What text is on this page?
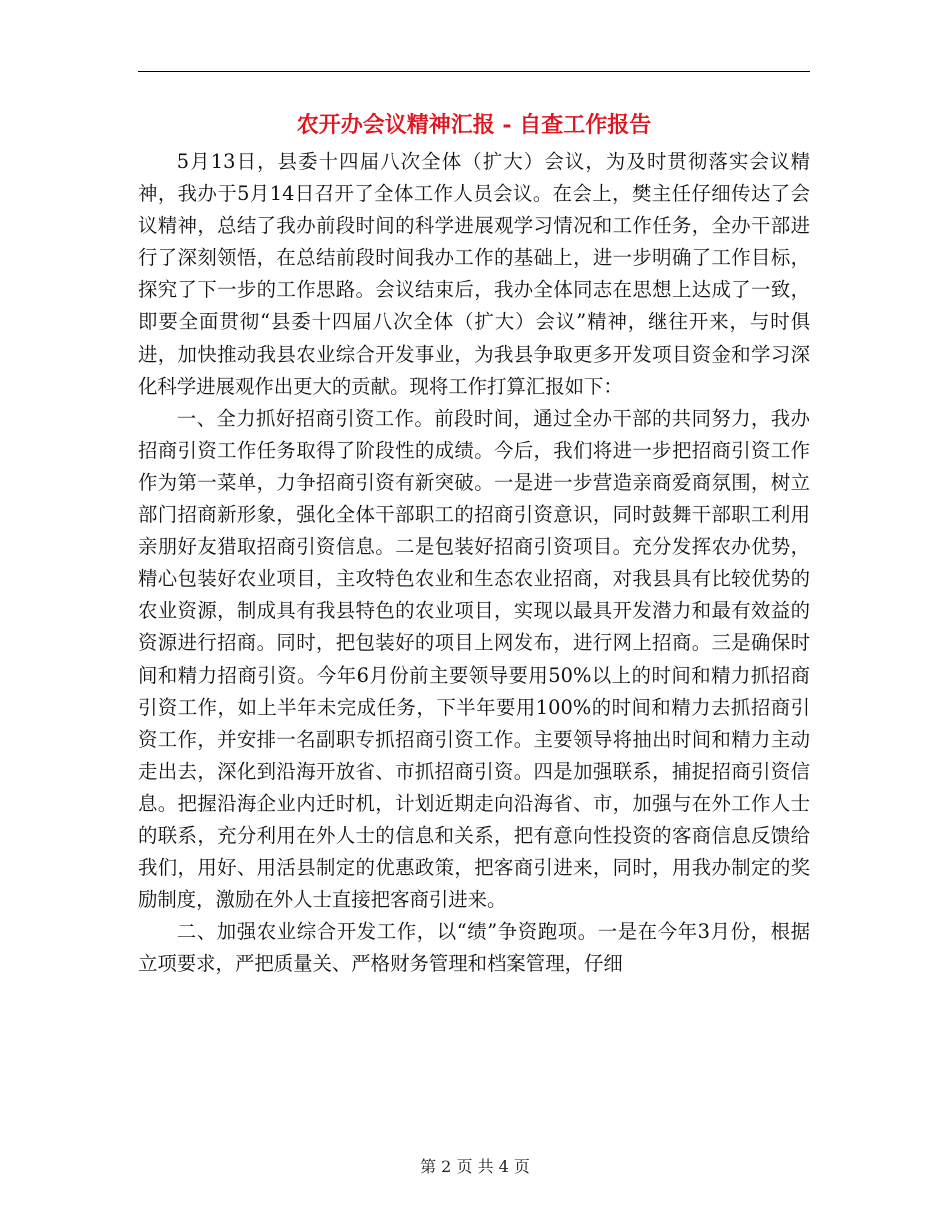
农开办会议精神汇报 - 自查工作报告

5月13日，县委十四届八次全体（扩大）会议，为及时贯彻落实会议精神，我办于5月14日召开了全体工作人员会议。在会上，樊主任仔细传达了会议精神，总结了我办前段时间的科学进展观学习情况和工作任务，全办干部进行了深刻领悟，在总结前段时间我办工作的基础上，进一步明确了工作目标，探究了下一步的工作思路。会议结束后，我办全体同志在思想上达成了一致，即要全面贯彻“县委十四届八次全体（扩大）会议”精神，继往开来，与时俱进，加快推动我县农业综合开发事业，为我县争取更多开发项目资金和学习深化科学进展观作出更大的贡献。现将工作打算汇报如下：

一、全力抓好招商引资工作。前段时间，通过全办干部的共同努力，我办招商引资工作任务取得了阶段性的成绩。今后，我们将进一步把招商引资工作作为第一菜单，力争招商引资有新突破。一是进一步营造亲商爱商氛围，树立部门招商新形象，强化全体干部职工的招商引资意识，同时鼓舞干部职工利用亲朋好友猎取招商引资信息。二是包装好招商引资项目。充分发挥农办优势，精心包装好农业项目，主攻特色农业和生态农业招商，对我县具有比较优势的农业资源，制成具有我县特色的农业项目，实现以最具开发潜力和最有效益的资源进行招商。同时，把包装好的项目上网发布，进行网上招商。三是确保时间和精力招商引资。今年6月份前主要领导要用50%以上的时间和精力抓招商引资工作，如上半年未完成任务，下半年要用100%的时间和精力去抓招商引资工作，并安排一名副职专抓招商引资工作。主要领导将抽出时间和精力主动走出去，深化到沿海开放省、市抓招商引资。四是加强联系，捕捉招商引资信息。把握沿海企业内迁时机，计划近期走向沿海省、市，加强与在外工作人士的联系，充分利用在外人士的信息和关系，把有意向性投资的客商信息反馈给我们，用好、用活县制定的优惠政策，把客商引进来，同时，用我办制定的奖励制度，激励在外人士直接把客商引进来。

二、加强农业综合开发工作，以“绩”争资跑项。一是在今年3月份，根据立项要求，严把质量关、严格财务管理和档案管理，仔细

第 2 页 共 4 页
